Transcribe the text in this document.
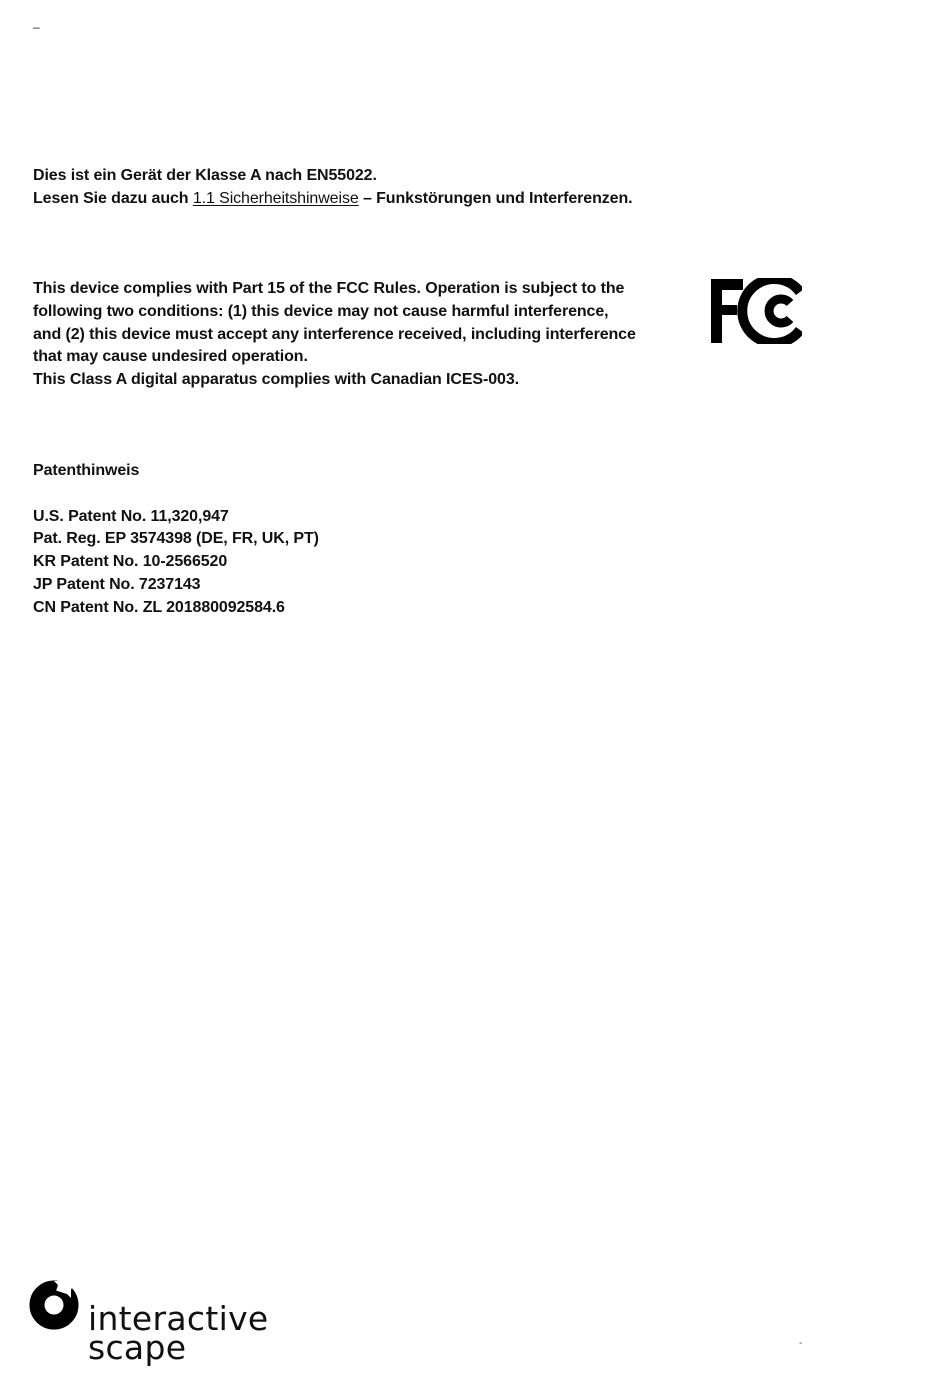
–

Dies ist ein Gerät der Klasse A nach EN55022.

Lesen Sie dazu auch 1.1 Sicherheitshinweise – Funkstörungen und Interferenzen.

This device complies with Part 15 of the FCC Rules. Operation is subject to the

following two conditions: (1) this device may not cause harmful interference,

and (2) this device must accept any interference received, including interference

that may cause undesired operation.

This Class A digital apparatus complies with Canadian ICES-003.

Patenthinweis

U.S. Patent No. 11,320,947

Pat. Reg. EP 3574398 (DE, FR, UK, PT)

KR Patent No. 10-2566520

JP Patent No. 7237143

CN Patent No. ZL 201880092584.6

interactive
scape	-
